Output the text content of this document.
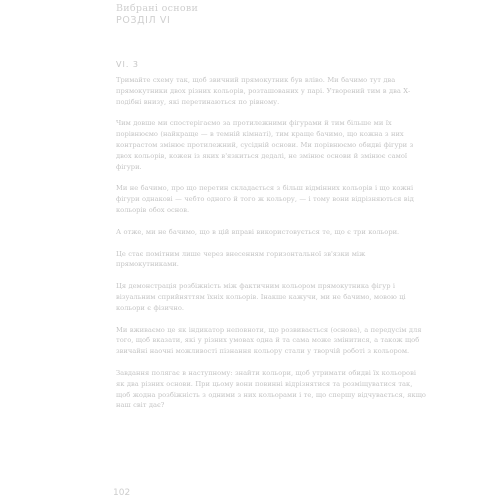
Вибрані основи
РОЗДІЛ VI
VI. 3

Тримайте схему так, щоб звичний прямокутник був вліво. Ми бачимо тут два прямокутники двох різних кольорів, розташованих у парі. Утворений тим в два Х- подібні внизу, які перетинаються по рівному.

Чим довше ми спостерігаємо за протилежними фігурами й тим більше ми їх порівнюємо (найкраще — в темній кімнаті), тим краще бачимо, що кожна з них контрастом змінює протилежний, сусідній основи. Ми порівнюємо обидві фігури з двох кольорів, кожен із яких в'язкиться дедалі, не змінює основи й змінює самої фігури.

Ми не бачимо, про що перетин складається з більш відмінних кольорів і що кожні фігури однакові — чебто одного й того ж кольору, — і тому вони відрізняються від кольорів обох основ.

А отже, ми не бачимо, що в цій вправі використовується те, що є три кольори.

Це стає помітним лише через внесенням горизонтальної зв'язки між прямокутниками.

Ця демонстрація розбіжність між фактичним кольором прямокутника фігур і візуальним сприйняттям їхніх кольорів. Інакше кажучи, ми не бачимо, мовою ці кольори є фізично.

Ми вживаємо це як індикатор неповноти, що розвивається (основа), а передусім для того, щоб вказати, які у різних умовах одна й та сама може змінитися, а також щоб звичайні наочні можливості пізнання кольору стали у творчій роботі з кольором.

Завдання полягає в наступному: знайти кольори, щоб утримати обидві їх кольорові як два різних основи. При цьому вони повинні відрізнятися та розміщуватися так, щоб жодна розбіжність з одними з них кольорами і те, що спершу відчувається, якщо наш світ дає?

102
